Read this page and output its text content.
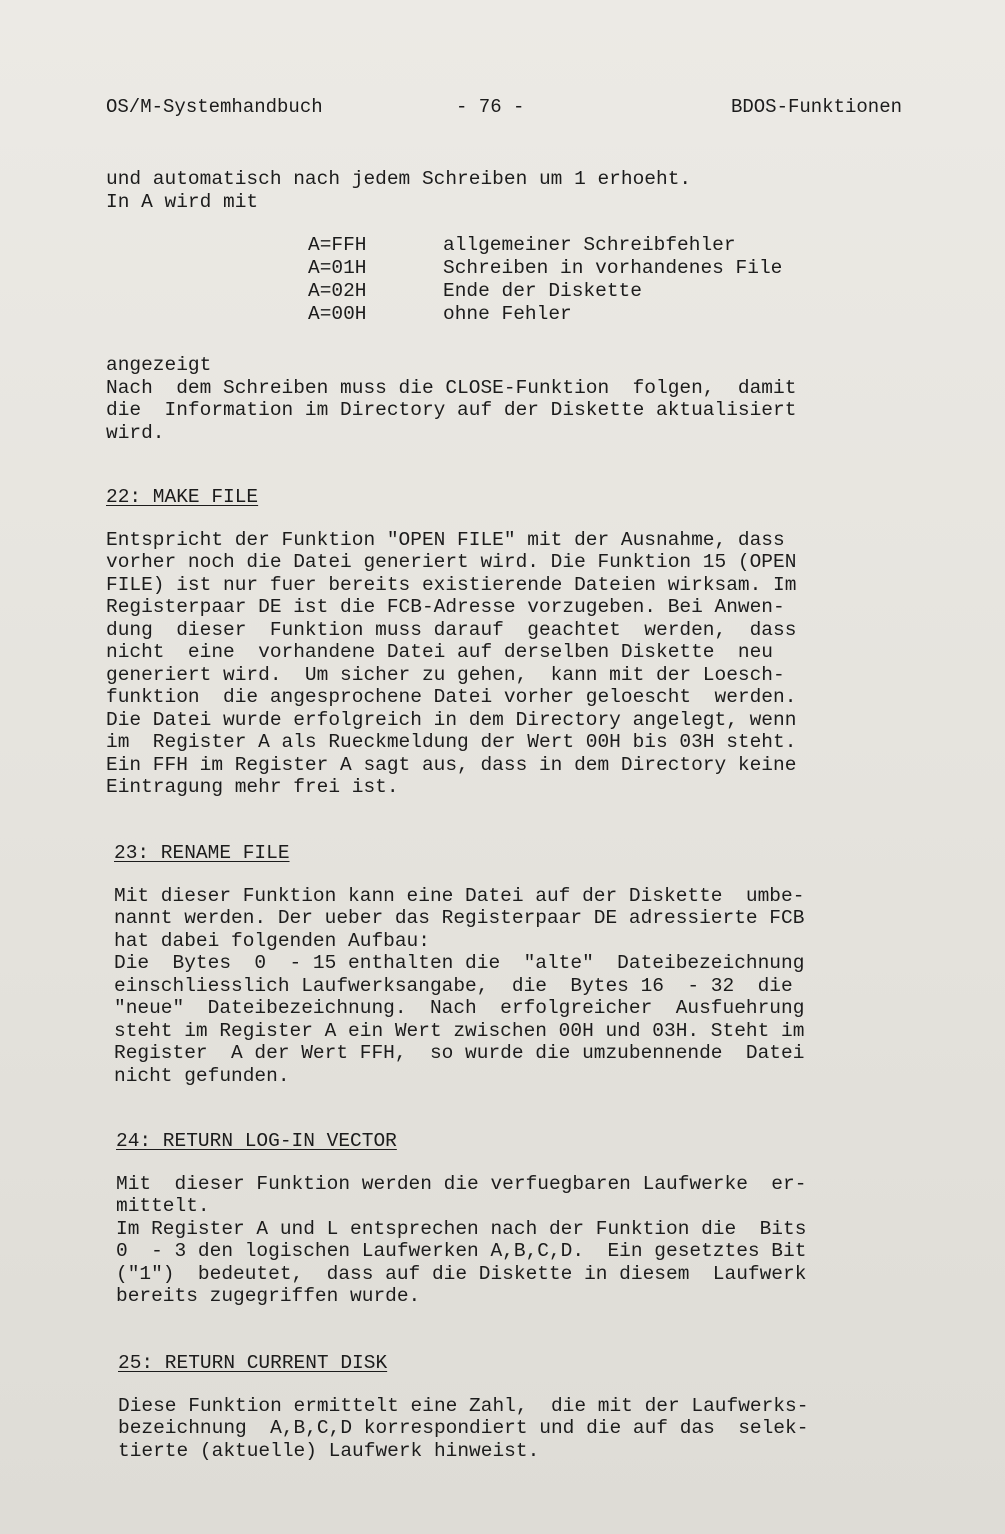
OS/M-Systemhandbuch	- 76 -	BDOS-Funktionen
und automatisch nach jedem Schreiben um 1 erhoeht.
In A wird mit
A=FFH	allgemeiner Schreibfehler
A=01H	Schreiben in vorhandenes File
A=02H	Ende der Diskette
A=00H	ohne Fehler
angezeigt
Nach  dem Schreiben muss die CLOSE-Funktion  folgen,  damit
die  Information im Directory auf der Diskette aktualisiert
wird.
22: MAKE FILE
Entspricht der Funktion "OPEN FILE" mit der Ausnahme, dass
vorher noch die Datei generiert wird. Die Funktion 15 (OPEN
FILE) ist nur fuer bereits existierende Dateien wirksam. Im
Registerpaar DE ist die FCB-Adresse vorzugeben. Bei Anwen-
dung  dieser  Funktion muss darauf  geachtet  werden,  dass
nicht  eine  vorhandene Datei auf derselben Diskette  neu
generiert wird.  Um sicher zu gehen,  kann mit der Loesch-
funktion  die angesprochene Datei vorher geloescht  werden.
Die Datei wurde erfolgreich in dem Directory angelegt, wenn
im  Register A als Rueckmeldung der Wert 00H bis 03H steht.
Ein FFH im Register A sagt aus, dass in dem Directory keine
Eintragung mehr frei ist.
23: RENAME FILE
Mit dieser Funktion kann eine Datei auf der Diskette  umbe-
nannt werden. Der ueber das Registerpaar DE adressierte FCB
hat dabei folgenden Aufbau:
Die  Bytes  0  - 15 enthalten die  "alte"  Dateibezeichnung
einschliesslich Laufwerksangabe,  die  Bytes 16  - 32  die
"neue"  Dateibezeichnung.  Nach  erfolgreicher  Ausfuehrung
steht im Register A ein Wert zwischen 00H und 03H. Steht im
Register  A der Wert FFH,  so wurde die umzubennende  Datei
nicht gefunden.
24: RETURN LOG-IN VECTOR
Mit  dieser Funktion werden die verfuegbaren Laufwerke  er-
mittelt.
Im Register A und L entsprechen nach der Funktion die  Bits
0  - 3 den logischen Laufwerken A,B,C,D.  Ein gesetztes Bit
("1")  bedeutet,  dass auf die Diskette in diesem  Laufwerk
bereits zugegriffen wurde.
25: RETURN CURRENT DISK
Diese Funktion ermittelt eine Zahl,  die mit der Laufwerks-
bezeichnung  A,B,C,D korrespondiert und die auf das  selek-
tierte (aktuelle) Laufwerk hinweist.
